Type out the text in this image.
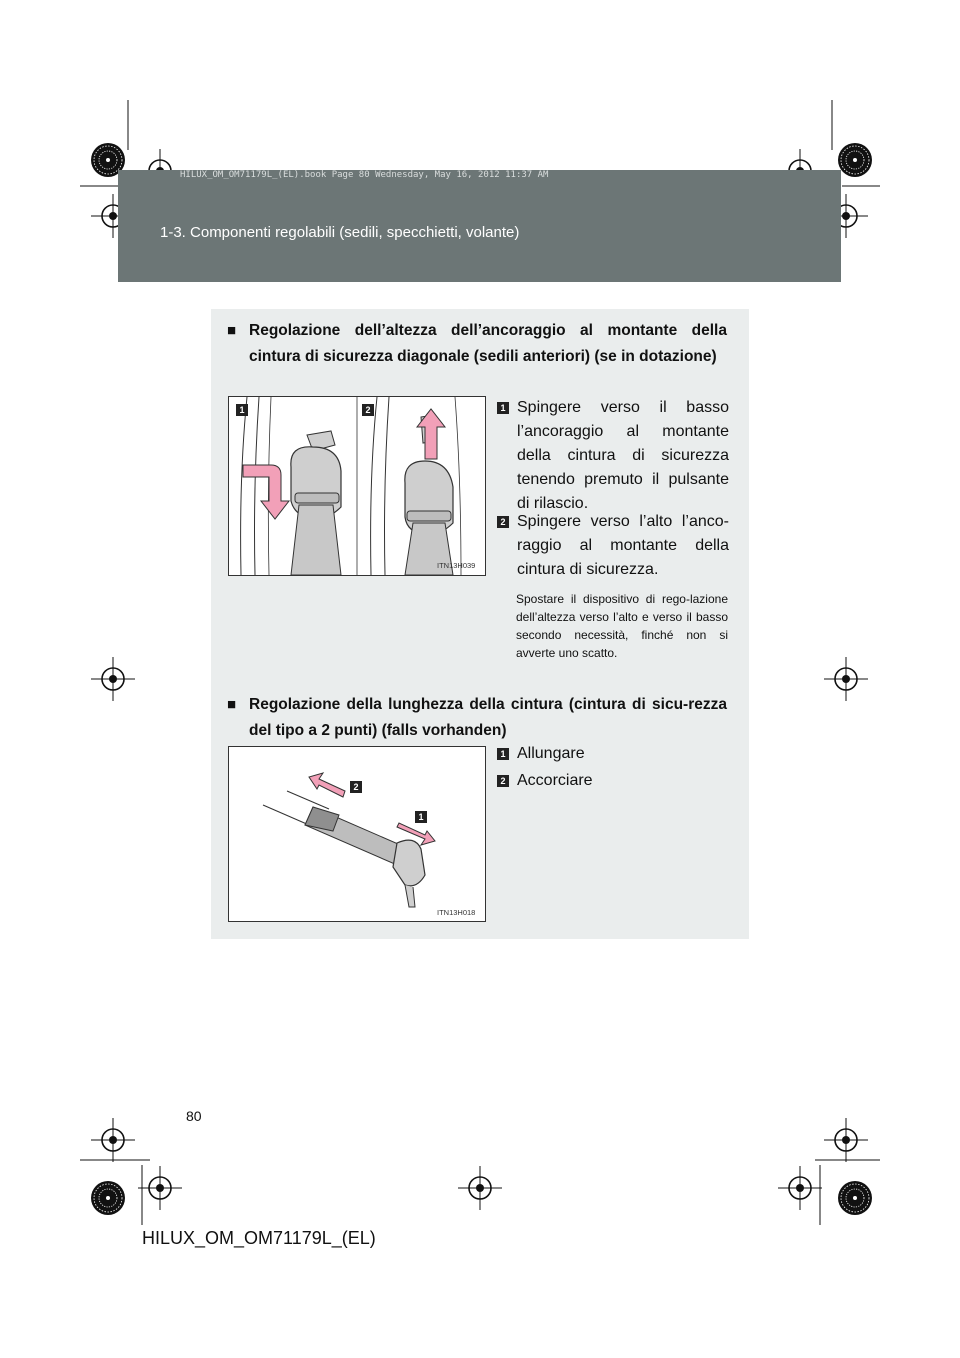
HILUX_OM_OM71179L_(EL).book Page 80 Wednesday, May 16, 2012 11:37 AM
1-3. Componenti regolabili (sedili, specchietti, volante)
■ Regolazione dell’altezza dell’ancoraggio al montante della cintura di sicurezza diagonale (sedili anteriori) (se in dotazione)
1	2
ITN13H039
1 Spingere verso il basso l’ancoraggio al montante della cintura di sicurezza tenendo premuto il pulsante di rilascio.
2 Spingere verso l’alto l’anco-raggio al montante della cintura di sicurezza.
Spostare il dispositivo di rego-lazione dell’altezza verso l’alto e verso il basso secondo necessità, finché non si avverte uno scatto.
■ Regolazione della lunghezza della cintura (cintura di sicu-rezza del tipo a 2 punti) (falls vorhanden)
2
1
ITN13H018
1 Allungare
2 Accorciare
80
HILUX_OM_OM71179L_(EL)
